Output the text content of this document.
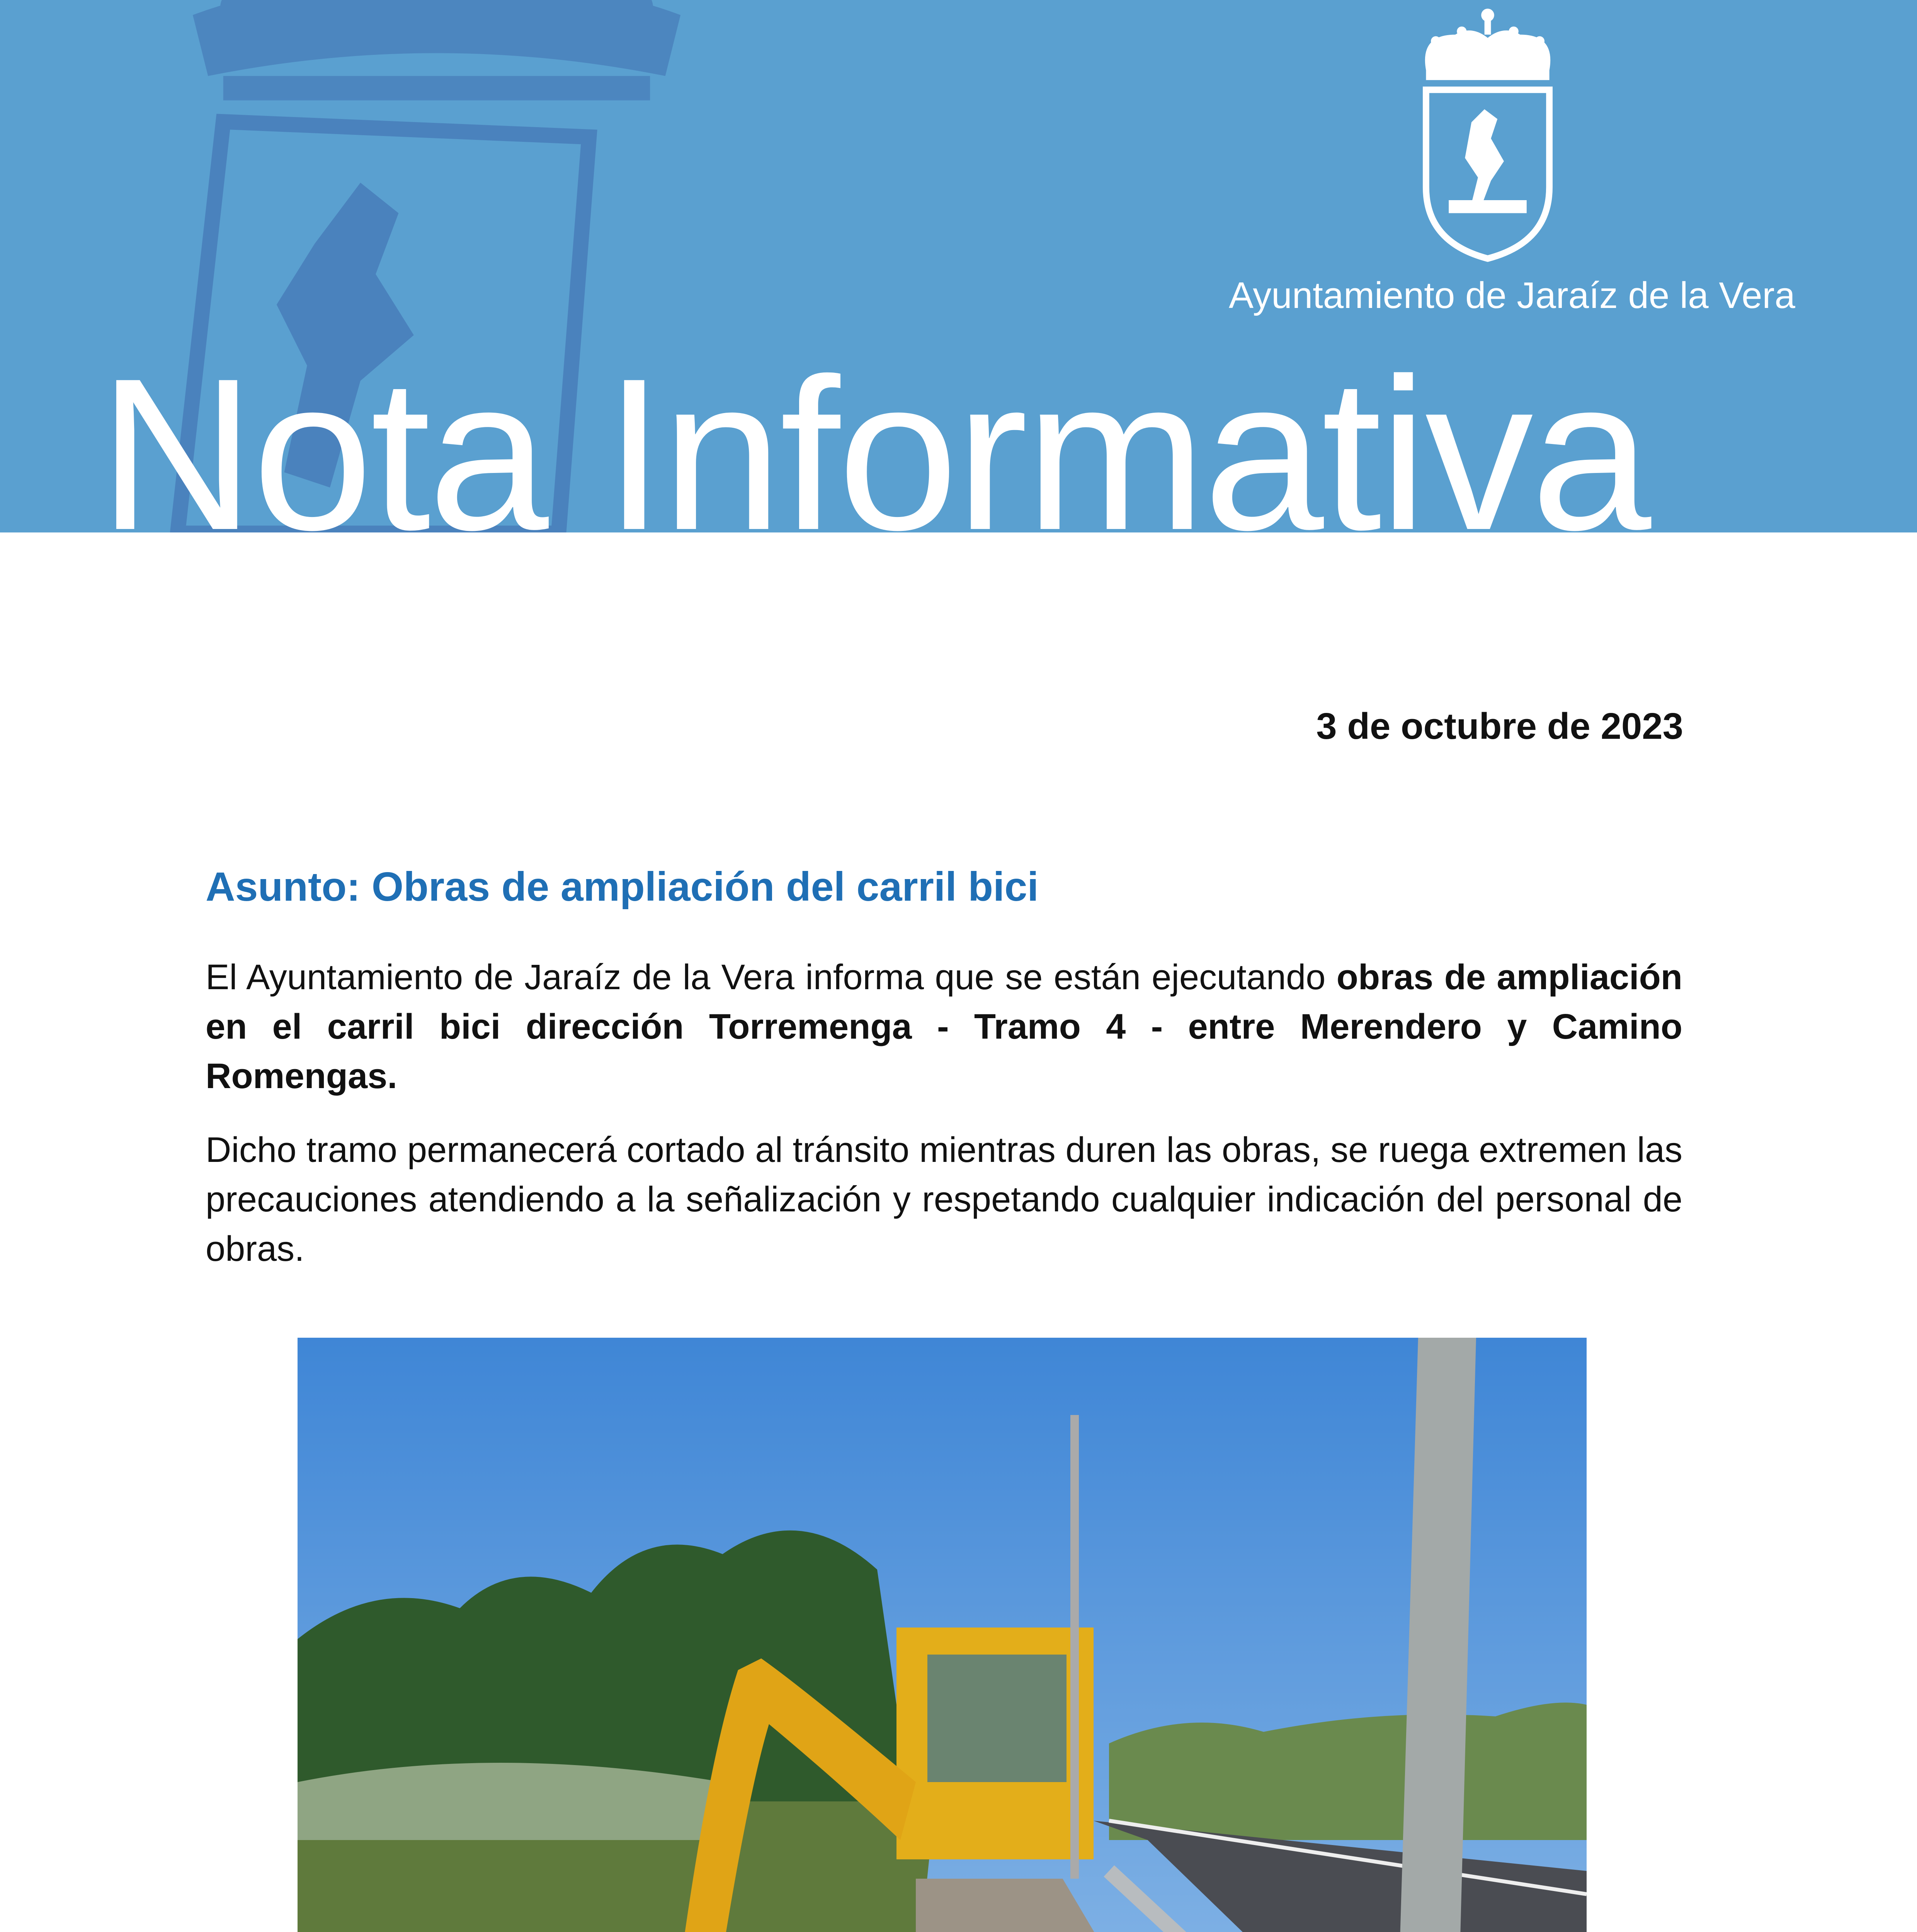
Ayuntamiento de Jaraíz de la Vera
Nota Informativa
3 de octubre de 2023
Asunto: Obras de ampliación del carril bici

El Ayuntamiento de Jaraíz de la Vera informa que se están ejecutando obras de ampliación en el carril bici dirección Torremenga - Tramo 4 - entre Merendero y Camino Romengas.

Dicho tramo permanecerá cortado al tránsito mientras duren las obras, se ruega extremen las precauciones atendiendo a la señalización y respetando cualquier indicación del personal de obras.
